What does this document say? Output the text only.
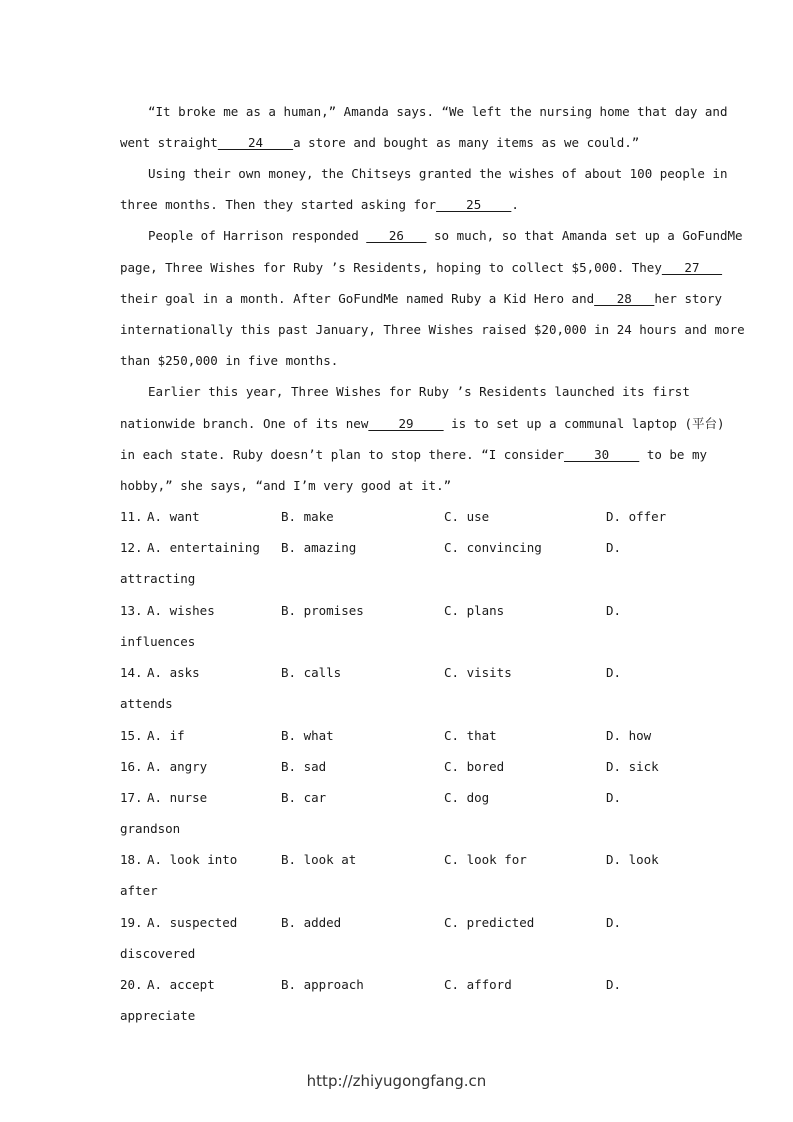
“It broke me as a human,” Amanda says. “We left the nursing home that day and
went straight    24    a store and bought as many items as we could.”
Using their own money, the Chitseys granted the wishes of about 100 people in
three months. Then they started asking for    25    .
People of Harrison responded    26    so much, so that Amanda set up a GoFundMe
page, Three Wishes for Ruby ’s Residents, hoping to collect $5,000. They   27
their goal in a month. After GoFundMe named Ruby a Kid Hero and   28   her story
internationally this past January, Three Wishes raised $20,000 in 24 hours and more
than $250,000 in five months.
Earlier this year, Three Wishes for Ruby ’s Residents launched its first
nationwide branch. One of its new    29     is to set up a communal laptop (平台)
in each state. Ruby doesn’t plan to stop there. “I consider    30     to be my
hobby,” she says, “and I’m very good at it.”
11. A. want	B. make	C. use	D. offer
12. A. entertaining B. amazing	C. convincing	D.
attracting
13. A. wishes	B. promises	C. plans	D.
influences
14. A. asks	B. calls	C. visits	D.
attends
15. A. if	B. what	C. that	D. how
16. A. angry	B. sad	C. bored	D. sick
17. A. nurse	B. car	C. dog	D.
grandson
18. A. look into	B. look at	C. look for	D. look
after
19. A. suspected	B. added	C. predicted	D.
discovered
20. A. accept	B. approach	C. afford	D.
appreciate
http://zhiyugongfang.cn
